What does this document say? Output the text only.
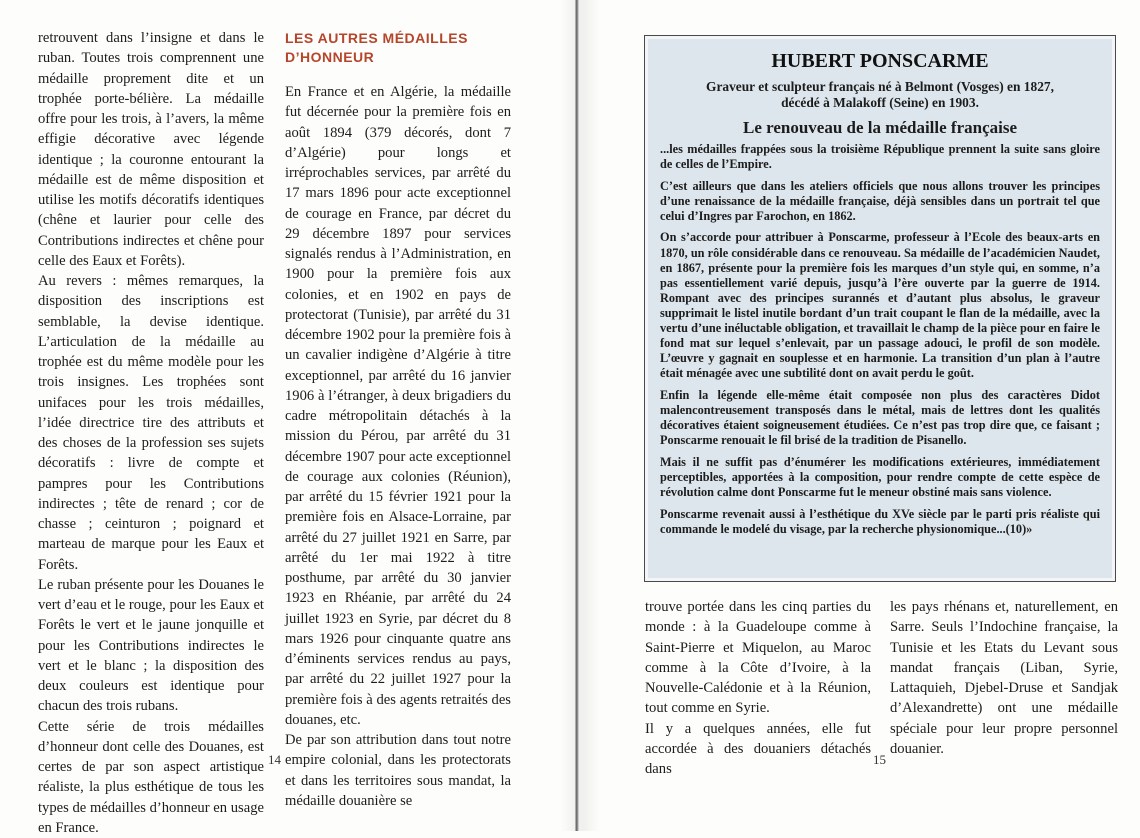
retrouvent dans l’insigne et dans le ruban. Toutes trois comprennent une médaille proprement dite et un trophée porte-bélière. La médaille offre pour les trois, à l’avers, la même effigie décorative avec légende identique ; la couronne entourant la médaille est de même disposition et utilise les motifs décoratifs identiques (chêne et laurier pour celle des Contributions indirectes et chêne pour celle des Eaux et Forêts).

Au revers : mêmes remarques, la disposition des inscriptions est semblable, la devise identique. L’articulation de la médaille au trophée est du même modèle pour les trois insignes. Les trophées sont unifaces pour les trois médailles, l’idée directrice tire des attributs et des choses de la profession ses sujets décoratifs : livre de compte et pampres pour les Contributions indirectes ; tête de renard ; cor de chasse ; ceinturon ; poignard et marteau de marque pour les Eaux et Forêts.

Le ruban présente pour les Douanes le vert d’eau et le rouge, pour les Eaux et Forêts le vert et le jaune jonquille et pour les Contributions indirectes le vert et le blanc ; la disposition des deux couleurs est identique pour chacun des trois rubans.

Cette série de trois médailles d’honneur dont celle des Douanes, est certes de par son aspect artistique réaliste, la plus esthétique de tous les types de médailles d’honneur en usage en France.

LES AUTRES MÉDAILLES D’HONNEUR

En France et en Algérie, la médaille fut décernée pour la première fois en août 1894 (379 décorés, dont 7 d’Algérie) pour longs et irréprochables services, par arrêté du 17 mars 1896 pour acte exceptionnel de courage en France, par décret du 29 décembre 1897 pour services signalés rendus à l’Administration, en 1900 pour la première fois aux colonies, et en 1902 en pays de protectorat (Tunisie), par arrêté du 31 décembre 1902 pour la première fois à un cavalier indigène d’Algérie à titre exceptionnel, par arrêté du 16 janvier 1906 à l’étranger, à deux brigadiers du cadre métropolitain détachés à la mission du Pérou, par arrêté du 31 décembre 1907 pour acte exceptionnel de courage aux colonies (Réunion), par arrêté du 15 février 1921 pour la première fois en Alsace-Lorraine, par arrêté du 27 juillet 1921 en Sarre, par arrêté du 1er mai 1922 à titre posthume, par arrêté du 30 janvier 1923 en Rhéanie, par arrêté du 24 juillet 1923 en Syrie, par décret du 8 mars 1926 pour cinquante quatre ans d’éminents services rendus au pays, par arrêté du 22 juillet 1927 pour la première fois à des agents retraités des douanes, etc.

De par son attribution dans tout notre empire colonial, dans les protectorats et dans les territoires sous mandat, la médaille douanière se

14
HUBERT PONSCARME
Graveur et sculpteur français né à Belmont (Vosges) en 1827, décédé à Malakoff (Seine) en 1903.
Le renouveau de la médaille française

...les médailles frappées sous la troisième République prennent la suite sans gloire de celles de l’Empire.

C’est ailleurs que dans les ateliers officiels que nous allons trouver les principes d’une renaissance de la médaille française, déjà sensibles dans un portrait tel que celui d’Ingres par Farochon, en 1862.

On s’accorde pour attribuer à Ponscarme, professeur à l’Ecole des beaux-arts en 1870, un rôle considérable dans ce renouveau. Sa médaille de l’académicien Naudet, en 1867, présente pour la première fois les marques d’un style qui, en somme, n’a pas essentiellement varié depuis, jusqu’à l’ère ouverte par la guerre de 1914. Rompant avec des principes surannés et d’autant plus absolus, le graveur supprimait le listel inutile bordant d’un trait coupant le flan de la médaille, avec la vertu d’une inéluctable obligation, et travaillait le champ de la pièce pour en faire le fond mat sur lequel s’enlevait, par un passage adouci, le profil de son modèle. L’œuvre y gagnait en souplesse et en harmonie. La transition d’un plan à l’autre était ménagée avec une subtilité dont on avait perdu le goût.

Enfin la légende elle-même était composée non plus des caractères Didot malencontreusement transposés dans le métal, mais de lettres dont les qualités décoratives étaient soigneusement étudiées. Ce n’est pas trop dire que, ce faisant ; Ponscarme renouait le fil brisé de la tradition de Pisanello.

Mais il ne suffit pas d’énumérer les modifications extérieures, immédiatement perceptibles, apportées à la composition, pour rendre compte de cette espèce de révolution calme dont Ponscarme fut le meneur obstiné mais sans violence.

Ponscarme revenait aussi à l’esthétique du XVe siècle par le parti pris réaliste qui commande le modelé du visage, par la recherche physionomique...(10)»

trouve portée dans les cinq parties du monde : à la Guadeloupe comme à Saint-Pierre et Miquelon, au Maroc comme à la Côte d’Ivoire, à la Nouvelle-Calédonie et à la Réunion, tout comme en Syrie.

Il y a quelques années, elle fut accordée à des douaniers détachés dans

les pays rhénans et, naturellement, en Sarre. Seuls l’Indochine française, la Tunisie et les Etats du Levant sous mandat français (Liban, Syrie, Lattaquieh, Djebel-Druse et Sandjak d’Alexandrette) ont une médaille spéciale pour leur propre personnel douanier.

15
